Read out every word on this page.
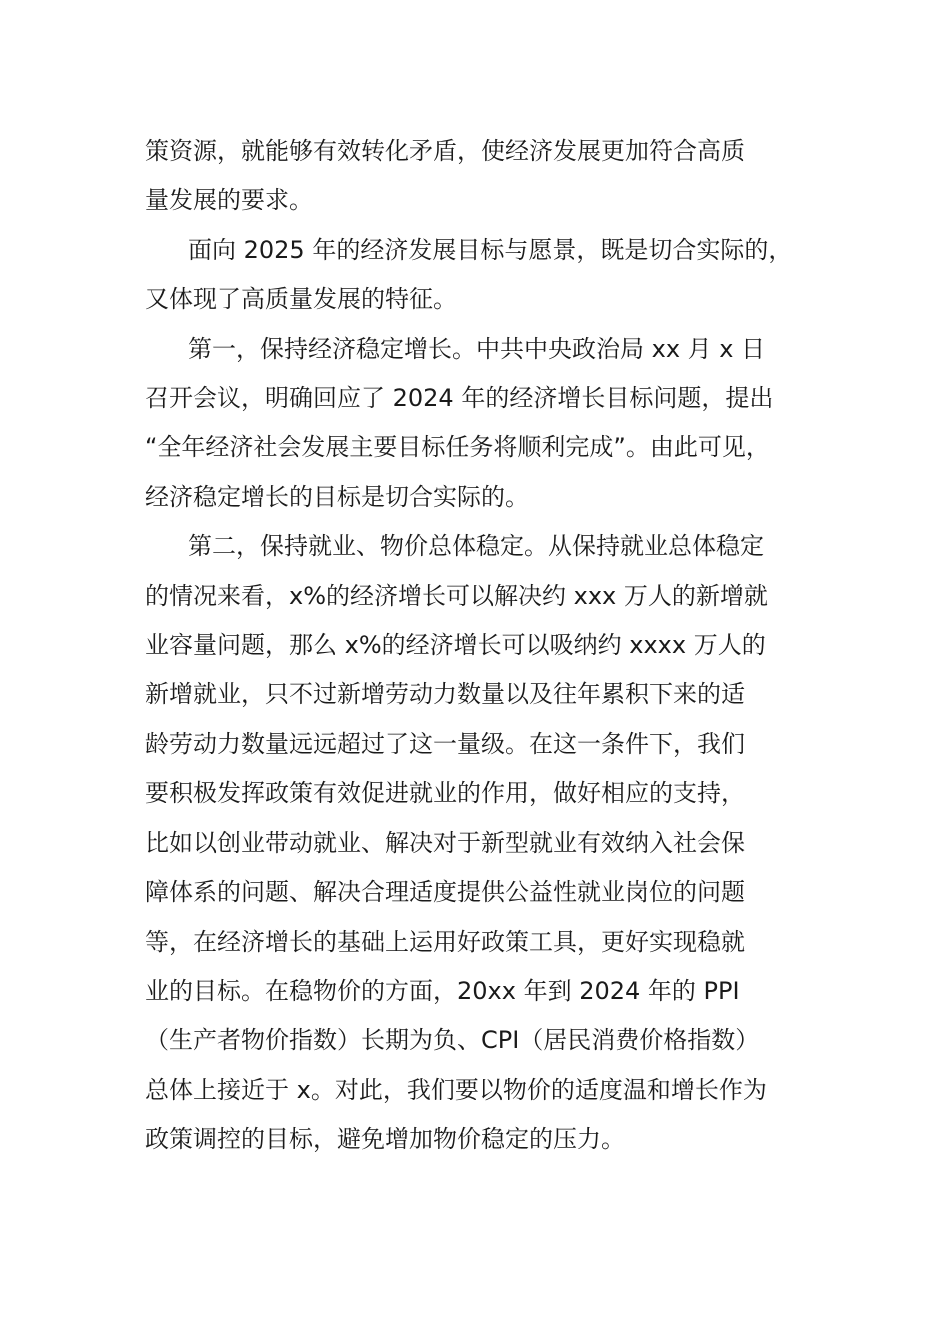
策资源，就能够有效转化矛盾，使经济发展更加符合高质
量发展的要求。

面向 2025 年的经济发展目标与愿景，既是切合实际的，
又体现了高质量发展的特征。

第一，保持经济稳定增长。中共中央政治局 xx 月 x 日
召开会议，明确回应了 2024 年的经济增长目标问题，提出
“全年经济社会发展主要目标任务将顺利完成”。由此可见，
经济稳定增长的目标是切合实际的。

第二，保持就业、物价总体稳定。从保持就业总体稳定
的情况来看，x%的经济增长可以解决约 xxx 万人的新增就
业容量问题，那么 x%的经济增长可以吸纳约 xxxx 万人的
新增就业，只不过新增劳动力数量以及往年累积下来的适
龄劳动力数量远远超过了这一量级。在这一条件下，我们
要积极发挥政策有效促进就业的作用，做好相应的支持，
比如以创业带动就业、解决对于新型就业有效纳入社会保
障体系的问题、解决合理适度提供公益性就业岗位的问题
等，在经济增长的基础上运用好政策工具，更好实现稳就
业的目标。在稳物价的方面，20xx 年到 2024 年的 PPI
（生产者物价指数）长期为负、CPI（居民消费价格指数）
总体上接近于 x。对此，我们要以物价的适度温和增长作为
政策调控的目标，避免增加物价稳定的压力。
